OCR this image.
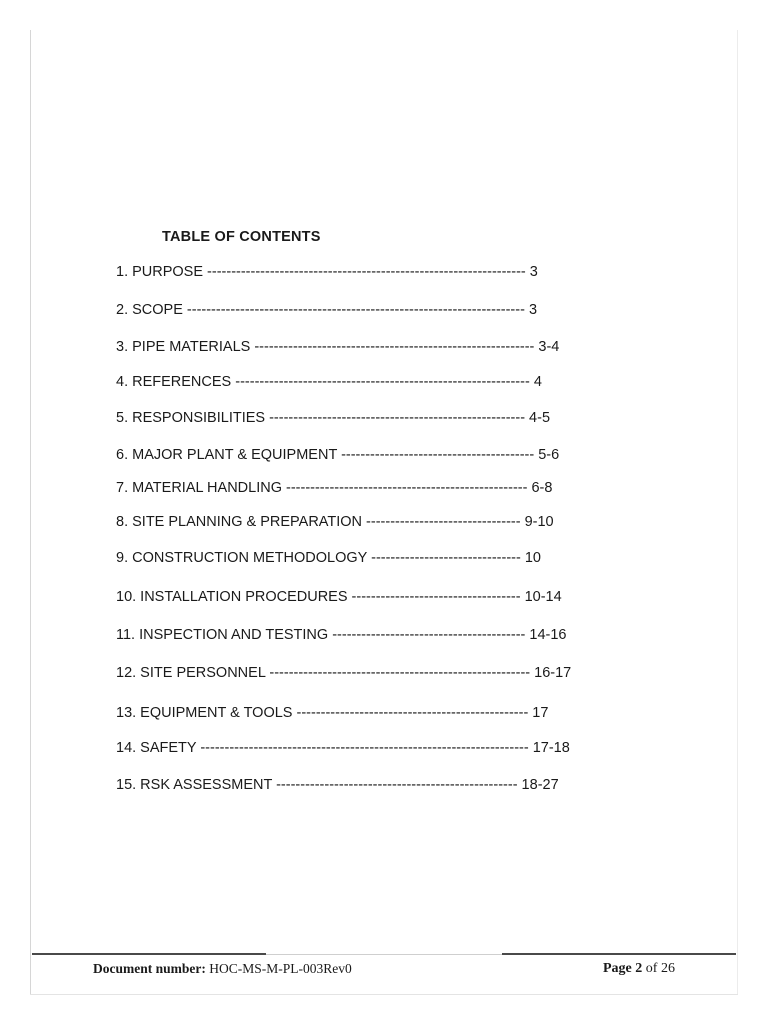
TABLE OF CONTENTS
1. PURPOSE ------------------------------------------------------------------ 3
2. SCOPE ---------------------------------------------------------------------- 3
3. PIPE MATERIALS ---------------------------------------------------------- 3-4
4. REFERENCES ------------------------------------------------------------- 4
5. RESPONSIBILITIES ----------------------------------------------------- 4-5
6. MAJOR PLANT & EQUIPMENT ---------------------------------------- 5-6
7. MATERIAL HANDLING -------------------------------------------------- 6-8
8. SITE PLANNING & PREPARATION -------------------------------- 9-10
9. CONSTRUCTION METHODOLOGY ------------------------------- 10
10. INSTALLATION PROCEDURES ----------------------------------- 10-14
11. INSPECTION AND TESTING ---------------------------------------- 14-16
12. SITE PERSONNEL ------------------------------------------------------ 16-17
13. EQUIPMENT & TOOLS ------------------------------------------------ 17
14. SAFETY -------------------------------------------------------------------- 17-18
15. RSK ASSESSMENT -------------------------------------------------- 18-27
Document number: HOC-MS-M-PL-003Rev0	Page 2 of 26
